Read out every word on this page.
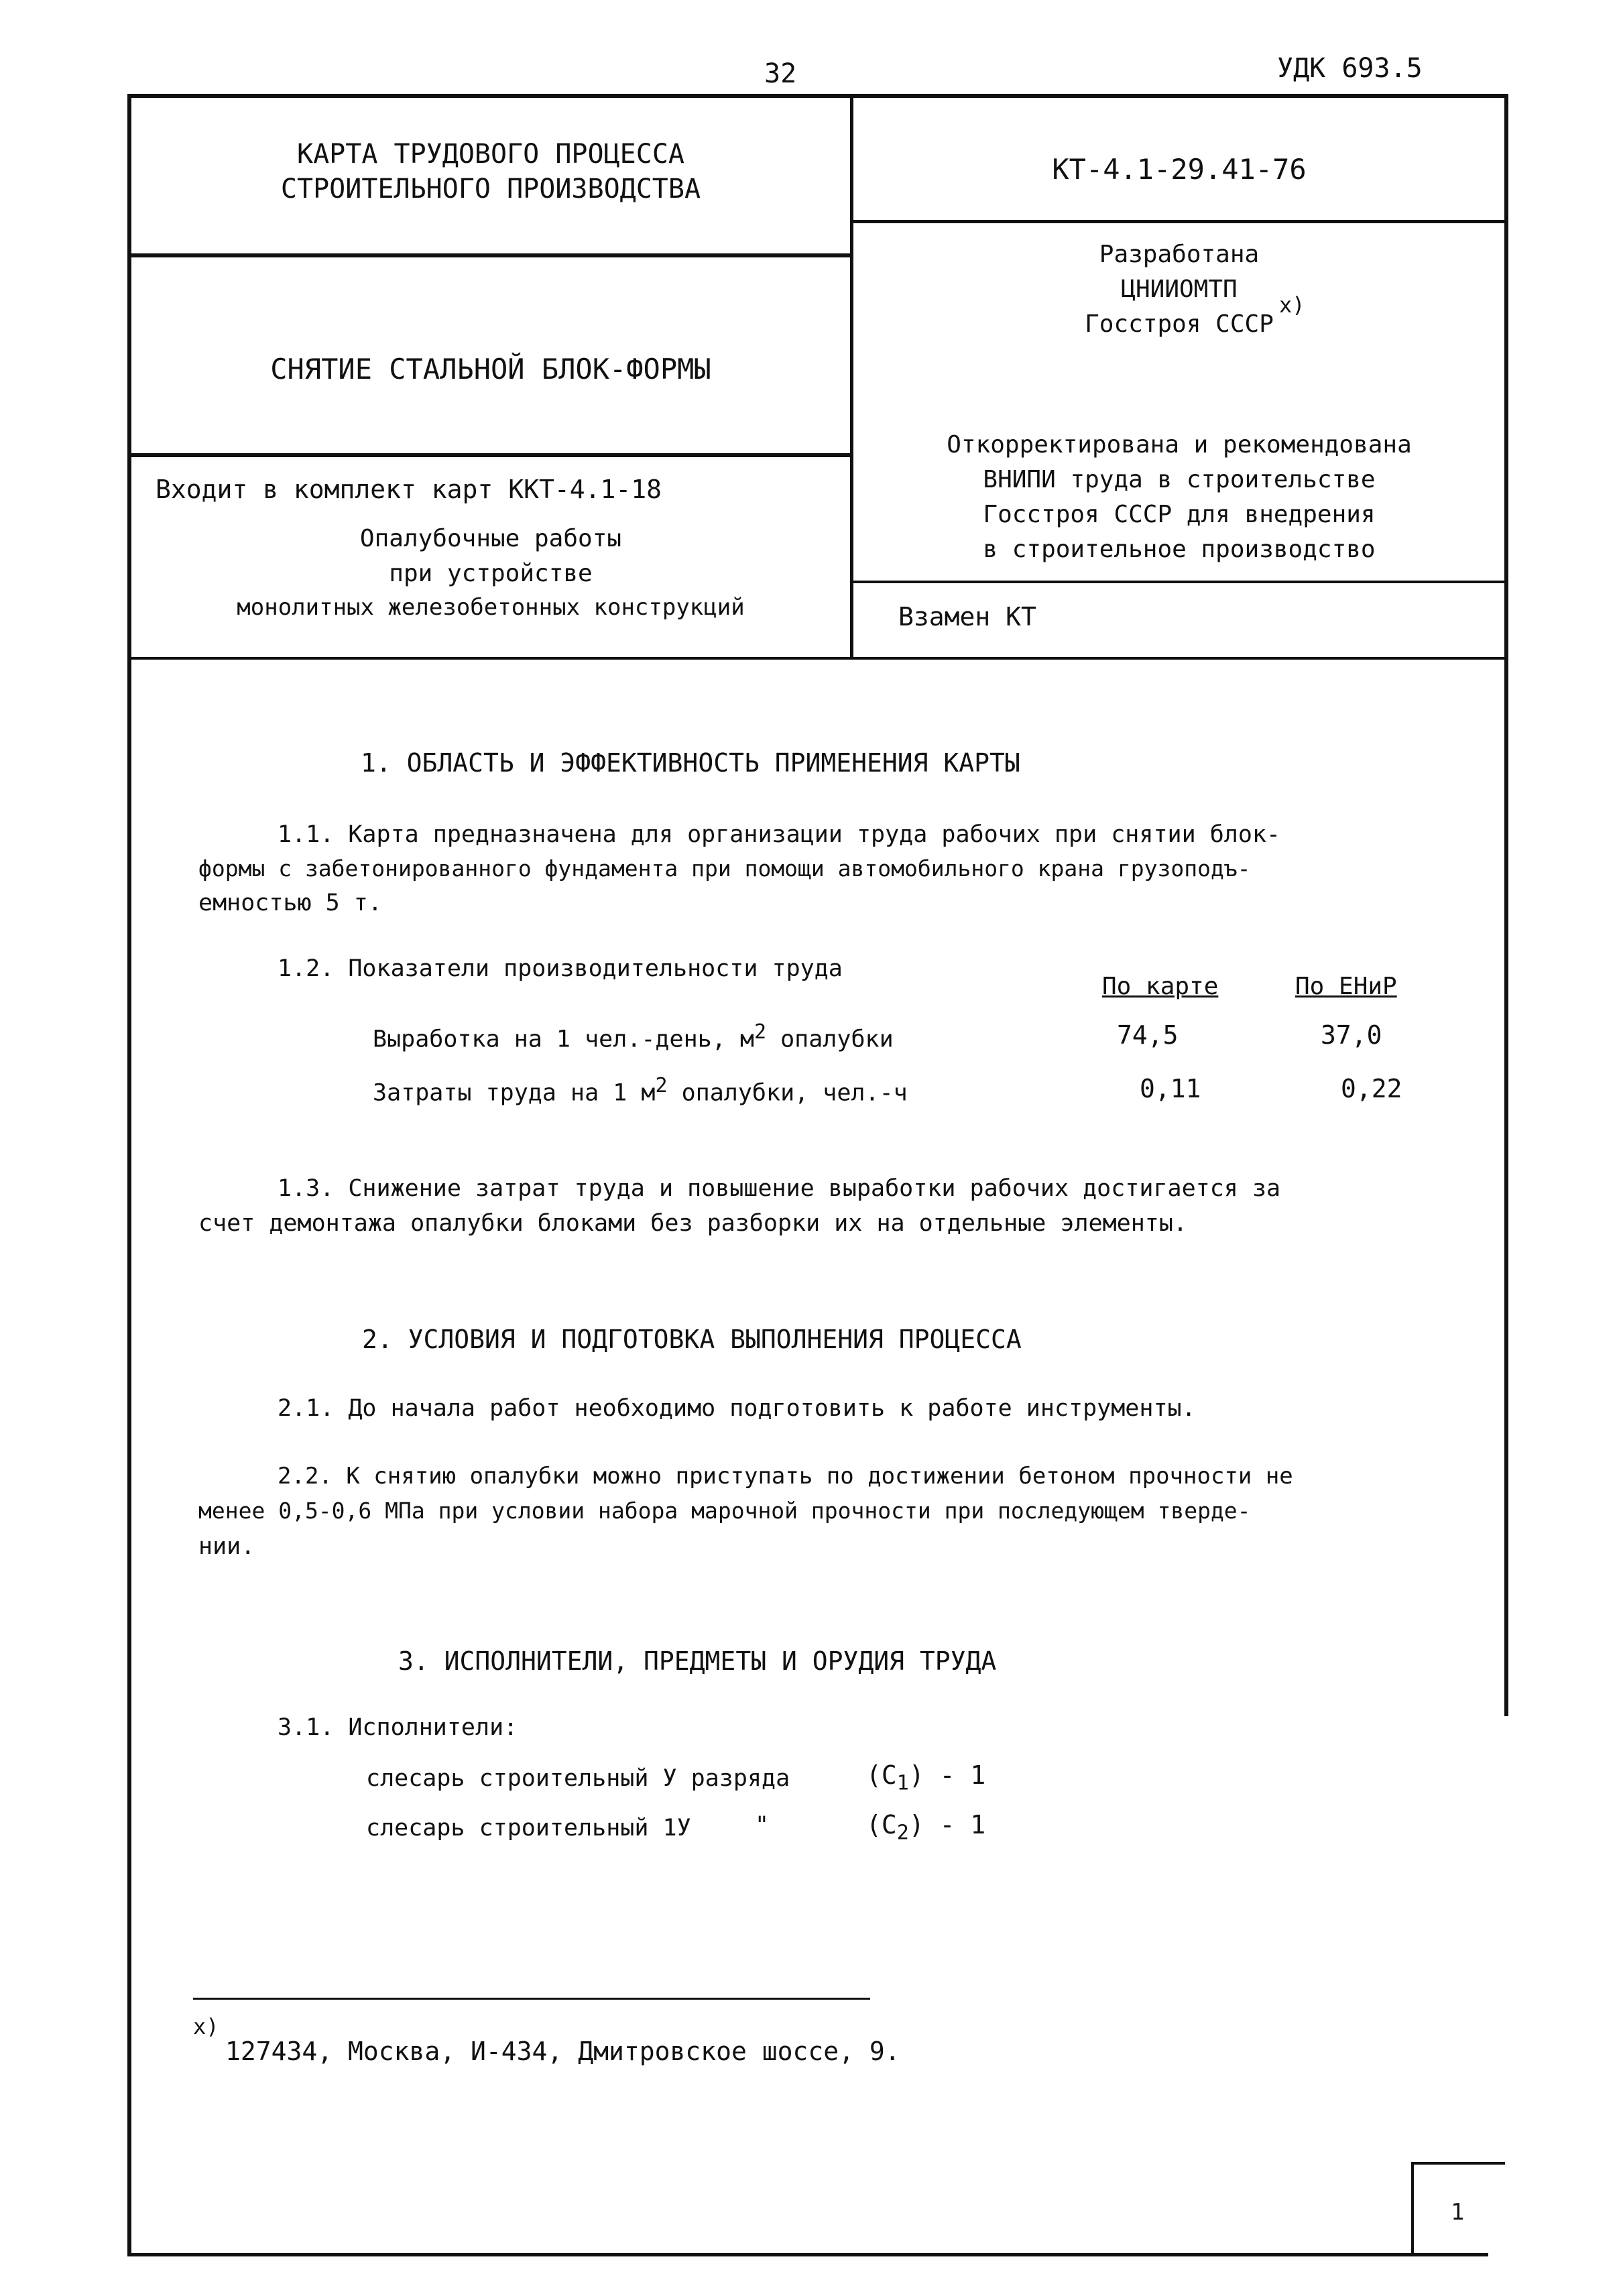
32	УДК 693.5
КАРТА ТРУДОВОГО ПРОЦЕССА
СТРОИТЕЛЬНОГО ПРОИЗВОДСТВА
КТ-4.1-29.41-76
СНЯТИЕ СТАЛЬНОЙ БЛОК-ФОРМЫ
Разработана
ЦНИИОМТП
Госстроя СССР
х)
Откорректирована и рекомендована
ВНИПИ труда в строительстве
Госстроя СССР для внедрения
в строительное производство
Входит в комплект карт ККТ-4.1-18
Опалубочные работы
при устройстве
монолитных железобетонных конструкций	Взамен КТ
1. ОБЛАСТЬ И ЭФФЕКТИВНОСТЬ ПРИМЕНЕНИЯ КАРТЫ
1.1. Карта предназначена для организации труда рабочих при снятии блок-
формы с забетонированного фундамента при помощи автомобильного крана грузоподъ-
емностью 5 т.
1.2. Показатели производительности труда
По карте	По ЕНиР
Выработка на 1 чел.-день, м2 опалубки	74,5	37,0
Затраты труда на 1 м2 опалубки, чел.-ч	0,11	0,22
1.3. Снижение затрат труда и повышение выработки рабочих достигается за
счет демонтажа опалубки блоками без разборки их на отдельные элементы.
2. УСЛОВИЯ И ПОДГОТОВКА ВЫПОЛНЕНИЯ ПРОЦЕССА
2.1. До начала работ необходимо подготовить к работе инструменты.
2.2. К снятию опалубки можно приступать по достижении бетоном прочности не
менее 0,5-0,6 МПа при условии набора марочной прочности при последующем тверде-
нии.
3. ИСПОЛНИТЕЛИ, ПРЕДМЕТЫ И ОРУДИЯ ТРУДА
3.1. Исполнители:
слесарь строительный У разряда	$(С_1) - 1$
слесарь строительный 1У	"	$(С_2) - 1$
х)
127434, Москва, И-434, Дмитровское шоссе, 9.
1
